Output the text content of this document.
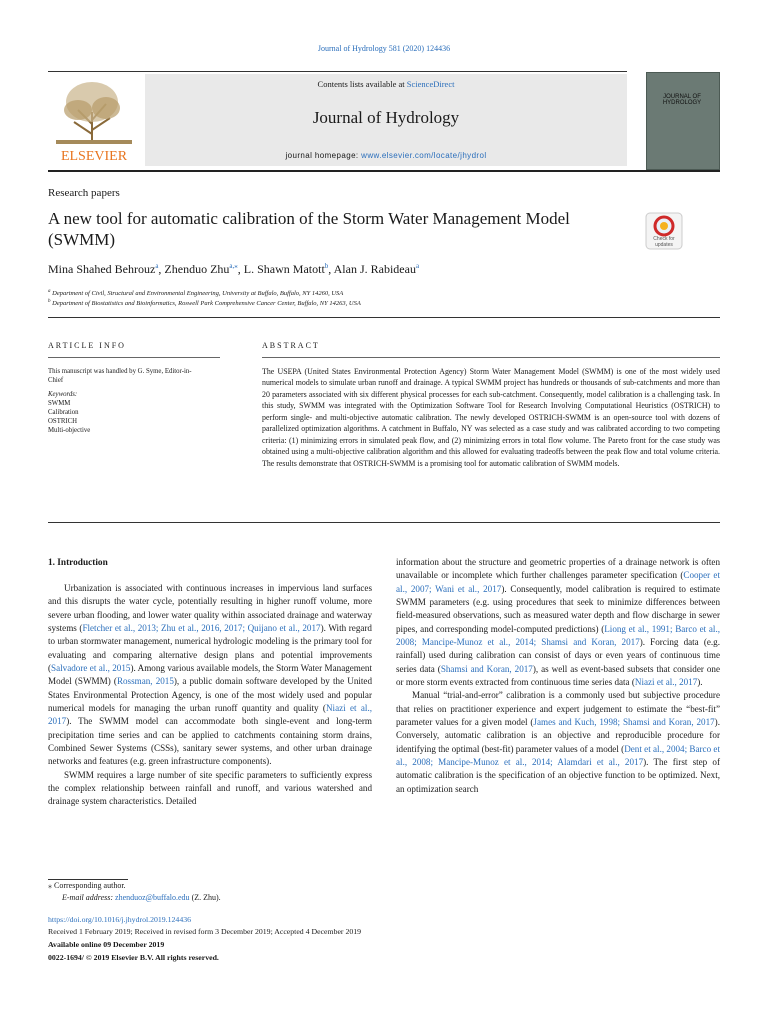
Journal of Hydrology 581 (2020) 124436
ELSEVIER
Contents lists available at ScienceDirect
Journal of Hydrology
journal homepage: www.elsevier.com/locate/jhydrol
JOURNAL OF HYDROLOGY
Research papers
A new tool for automatic calibration of the Storm Water Management Model (SWMM)	Check for updates
Mina Shahed Behrouz$^a$, Zhenduo Zhu$^{a,⁎}$, L. Shawn Matott$^b$, Alan J. Rabideau$^a$
$^a$ Department of Civil, Structural and Environmental Engineering, University at Buffalo, Buffalo, NY 14260, USA
$^b$ Department of Biostatistics and Bioinformatics, Roswell Park Comprehensive Cancer Center, Buffalo, NY 14263, USA
ARTICLE INFO	ABSTRACT
This manuscript was handled by G. Syme, Editor-in-Chief
Keywords:
SWMM
Calibration
OSTRICH
Multi-objective
The USEPA (United States Environmental Protection Agency) Storm Water Management Model (SWMM) is one of the most widely used numerical models to simulate urban runoff and drainage. A typical SWMM project has hundreds or thousands of sub-catchments and more than 20 parameters associated with six different physical processes for each sub-catchment. Consequently, model calibration is a challenging task. In this study, SWMM was integrated with the Optimization Software Tool for Research Involving Computational Heuristics (OSTRICH) to perform single- and multi-objective automatic calibration. The newly developed OSTRICH-SWMM is an open-source tool with dozens of parallelized optimization algorithms. A catchment in Buffalo, NY was selected as a case study and was calibrated according to two competing criteria: (1) minimizing errors in simulated peak flow, and (2) minimizing errors in total flow volume. The Pareto front for the case study was obtained using a multi-objective calibration algorithm and this allowed for evaluating tradeoffs between the peak flow and total volume criteria. The results demonstrate that OSTRICH-SWMM is a promising tool for automatic calibration of SWMM models.
1. Introduction

Urbanization is associated with continuous increases in impervious land surfaces and this disrupts the water cycle, potentially resulting in higher runoff volume, more severe urban flooding, and lower water quality within associated drainage and waterway systems (Fletcher et al., 2013; Zhu et al., 2016, 2017; Quijano et al., 2017). With regard to urban stormwater management, numerical hydrologic modeling is the primary tool for evaluating and comparing alternative design plans and potential improvements (Salvadore et al., 2015). Among various available models, the Storm Water Management Model (SWMM) (Rossman, 2015), a public domain software developed by the United States Environmental Protection Agency, is one of the most widely used and popular numerical models for managing the urban runoff quantity and quality (Niazi et al., 2017). The SWMM model can accommodate both single-event and long-term precipitation time series and can be applied to catchments containing storm drains, Combined Sewer Systems (CSSs), sanitary sewer systems, and other urban drainage networks and features (e.g. green infrastructure components).

SWMM requires a large number of site specific parameters to sufficiently express the complex relationship between rainfall and runoff, and various watershed and drainage system characteristics. Detailed

information about the structure and geometric properties of a drainage network is often unavailable or incomplete which further challenges parameter specification (Cooper et al., 2007; Wani et al., 2017). Consequently, model calibration is required to estimate SWMM parameters (e.g. using procedures that seek to minimize differences between field-measured observations, such as measured water depth and flow discharge in sewer pipes, and corresponding model-computed predictions) (Liong et al., 1991; Barco et al., 2008; Mancipe-Munoz et al., 2014; Shamsi and Koran, 2017). Forcing data (e.g. rainfall) used during calibration can consist of days or even years of continuous time series data (Shamsi and Koran, 2017), as well as event-based subsets that consider one or more storm events extracted from continuous time series data (Niazi et al., 2017).

Manual “trial-and-error” calibration is a commonly used but subjective procedure that relies on practitioner experience and expert judgement to estimate the “best-fit” parameter values for a given model (James and Kuch, 1998; Shamsi and Koran, 2017). Conversely, automatic calibration is an objective and reproducible procedure for identifying the optimal (best-fit) parameter values of a model (Dent et al., 2004; Barco et al., 2008; Mancipe-Munoz et al., 2014; Alamdari et al., 2017). The first step of automatic calibration is the specification of an objective function to be optimized. Next, an optimization search

⁎ Corresponding author.
E-mail address: zhenduoz@buffalo.edu (Z. Zhu).
https://doi.org/10.1016/j.jhydrol.2019.124436
Received 1 February 2019; Received in revised form 3 December 2019; Accepted 4 December 2019
Available online 09 December 2019
0022-1694/ © 2019 Elsevier B.V. All rights reserved.
